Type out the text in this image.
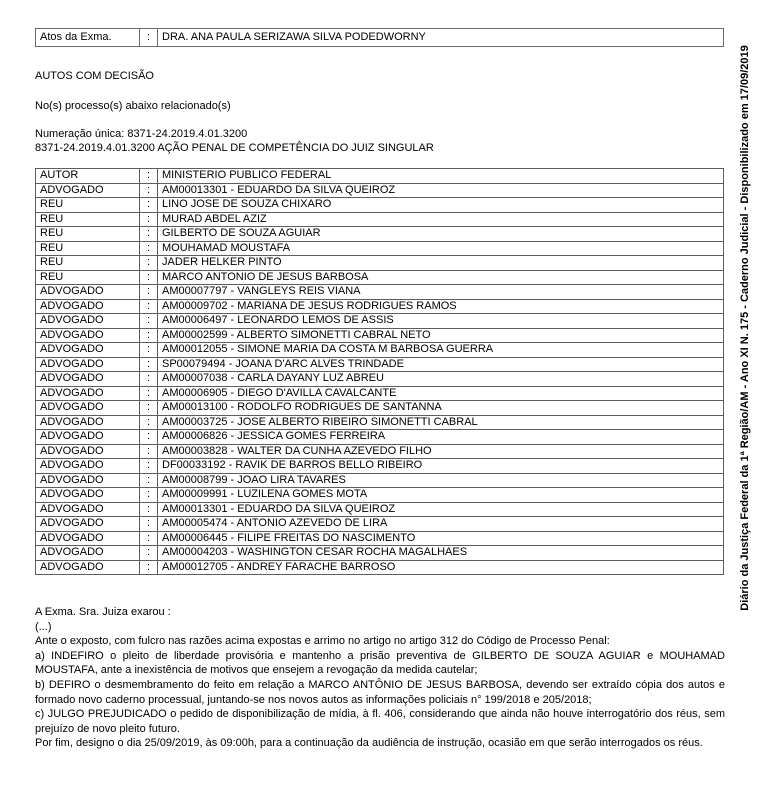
Atos da Exma.	:	DRA. ANA PAULA SERIZAWA SILVA PODEDWORNY
AUTOS COM DECISÃO
No(s) processo(s) abaixo relacionado(s)
Numeração única: 8371-24.2019.4.01.3200
8371-24.2019.4.01.3200 AÇÃO PENAL DE COMPETÊNCIA DO JUIZ SINGULAR
AUTOR	:	MINISTERIO PUBLICO FEDERAL
ADVOGADO	:	AM00013301 - EDUARDO DA SILVA QUEIROZ
REU	:	LINO JOSE DE SOUZA CHIXARO
REU	:	MURAD ABDEL AZIZ
REU	:	GILBERTO DE SOUZA AGUIAR
REU	:	MOUHAMAD MOUSTAFA
REU	:	JADER HELKER PINTO
REU	:	MARCO ANTONIO DE JESUS BARBOSA
ADVOGADO	:	AM00007797 - VANGLEYS REIS VIANA
ADVOGADO	:	AM00009702 - MARIANA DE JESUS RODRIGUES RAMOS
ADVOGADO	:	AM00006497 - LEONARDO LEMOS DE ASSIS
ADVOGADO	:	AM00002599 - ALBERTO SIMONETTI CABRAL NETO
ADVOGADO	:	AM00012055 - SIMONE MARIA DA COSTA M BARBOSA GUERRA
ADVOGADO	:	SP00079494 - JOANA D'ARC ALVES TRINDADE
ADVOGADO	:	AM00007038 - CARLA DAYANY LUZ ABREU
ADVOGADO	:	AM00006905 - DIEGO D'AVILLA CAVALCANTE
ADVOGADO	:	AM00013100 - RODOLFO RODRIGUES DE SANTANNA
ADVOGADO	:	AM00003725 - JOSE ALBERTO RIBEIRO SIMONETTI CABRAL
ADVOGADO	:	AM00006826 - JESSICA GOMES FERREIRA
ADVOGADO	:	AM00003828 - WALTER DA CUNHA AZEVEDO FILHO
ADVOGADO	:	DF00033192 - RAVIK DE BARROS BELLO RIBEIRO
ADVOGADO	:	AM00008799 - JOAO LIRA TAVARES
ADVOGADO	:	AM00009991 - LUZILENA GOMES MOTA
ADVOGADO	:	AM00013301 - EDUARDO DA SILVA QUEIROZ
ADVOGADO	:	AM00005474 - ANTONIO AZEVEDO DE LIRA
ADVOGADO	:	AM00006445 - FILIPE FREITAS DO NASCIMENTO
ADVOGADO	:	AM00004203 - WASHINGTON CESAR ROCHA MAGALHAES
ADVOGADO	:	AM00012705 - ANDREY FARACHE BARROSO
A Exma. Sra. Juiza exarou :
(...)
Ante o exposto, com fulcro nas razões acima expostas e arrimo no artigo no artigo 312 do Código de Processo Penal:
a) INDEFIRO o pleito de liberdade provisória e mantenho a prisão preventiva de GILBERTO DE SOUZA AGUIAR e MOUHAMAD MOUSTAFA, ante a inexistência de motivos que ensejem a revogação da medida cautelar;
b) DEFIRO o desmembramento do feito em relação a MARCO ANTÔNIO DE JESUS BARBOSA, devendo ser extraído cópia dos autos e formado novo caderno processual, juntando-se nos novos autos as informações policiais n° 199/2018 e 205/2018;
c) JULGO PREJUDICADO o pedido de disponibilização de mídia, à fl. 406, considerando que ainda não houve interrogatório dos réus, sem prejuízo de novo pleito futuro.
Por fim, designo o dia 25/09/2019, às 09:00h, para a continuação da audiência de instrução, ocasião em que serão interrogados os réus.
Diário da Justiça Federal da 1ª Região/AM - Ano XI N. 175 - Caderno Judicial - Disponibilizado em 17/09/2019
